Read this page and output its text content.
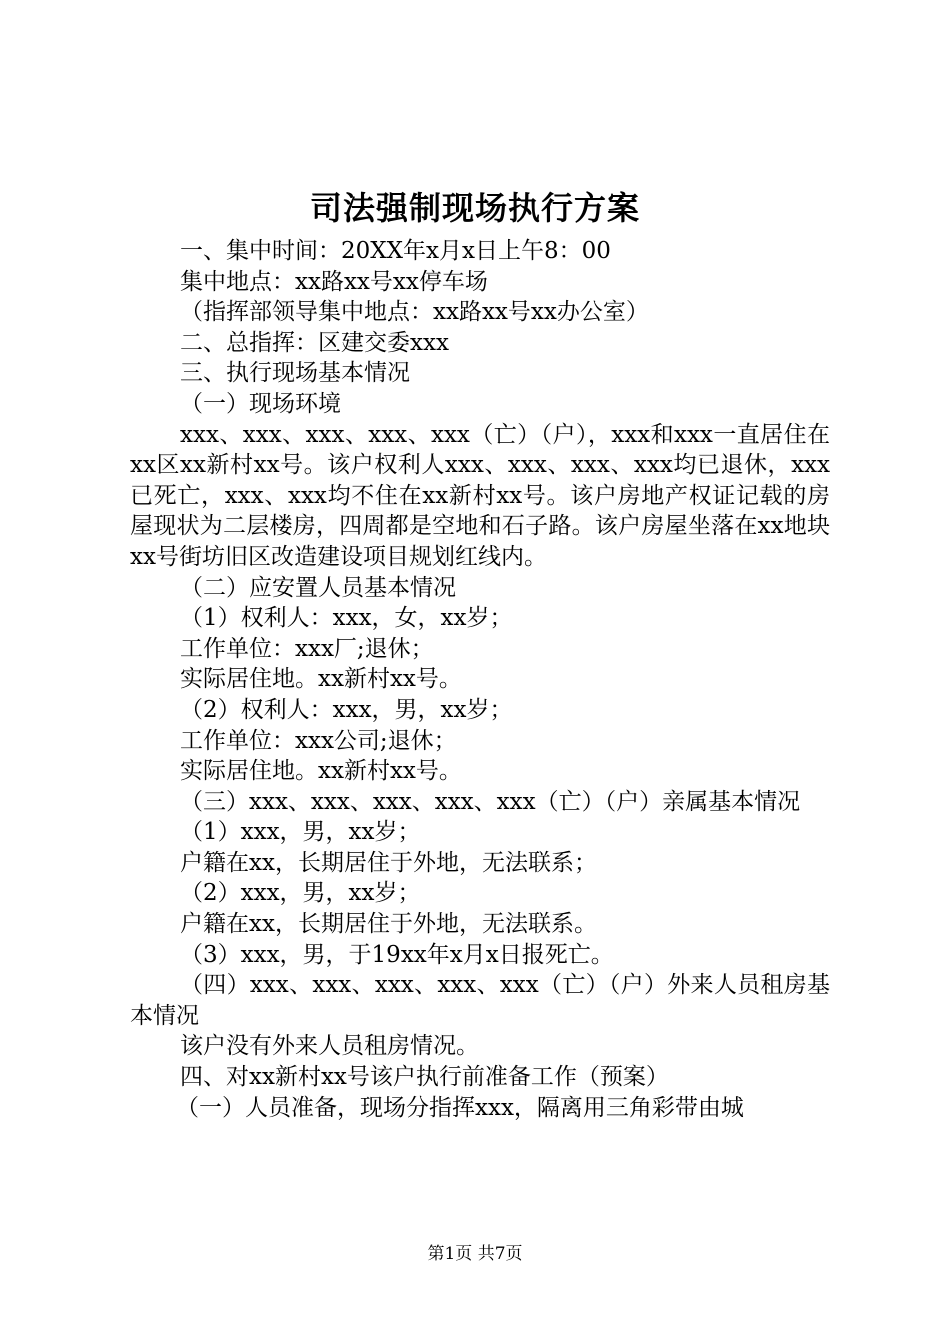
司法强制现场执行方案

一、集中时间：20XX年x月x日上午8：00

集中地点：xx路xx号xx停车场

（指挥部领导集中地点：xx路xx号xx办公室）

二、总指挥：区建交委xxx

三、执行现场基本情况

（一）现场环境

xxx、xxx、xxx、xxx、xxx（亡）（户），xxx和xxx一直居住在xx区xx新村xx号。该户权利人xxx、xxx、xxx、xxx均已退休，xxx已死亡，xxx、xxx均不住在xx新村xx号。该户房地产权证记载的房屋现状为二层楼房，四周都是空地和石子路。该户房屋坐落在xx地块xx号街坊旧区改造建设项目规划红线内。

（二）应安置人员基本情况

（1）权利人：xxx，女，xx岁；

工作单位：xxx厂;退休；

实际居住地。xx新村xx号。

（2）权利人：xxx，男，xx岁；

工作单位：xxx公司;退休；

实际居住地。xx新村xx号。

（三）xxx、xxx、xxx、xxx、xxx（亡）（户）亲属基本情况

（1）xxx，男，xx岁；

户籍在xx，长期居住于外地，无法联系；

（2）xxx，男，xx岁；

户籍在xx，长期居住于外地，无法联系。

（3）xxx，男，于19xx年x月x日报死亡。

（四）xxx、xxx、xxx、xxx、xxx（亡）（户）外来人员租房基本情况

该户没有外来人员租房情况。

四、对xx新村xx号该户执行前准备工作（预案）

（一）人员准备，现场分指挥xxx，隔离用三角彩带由城

第1页 共7页
